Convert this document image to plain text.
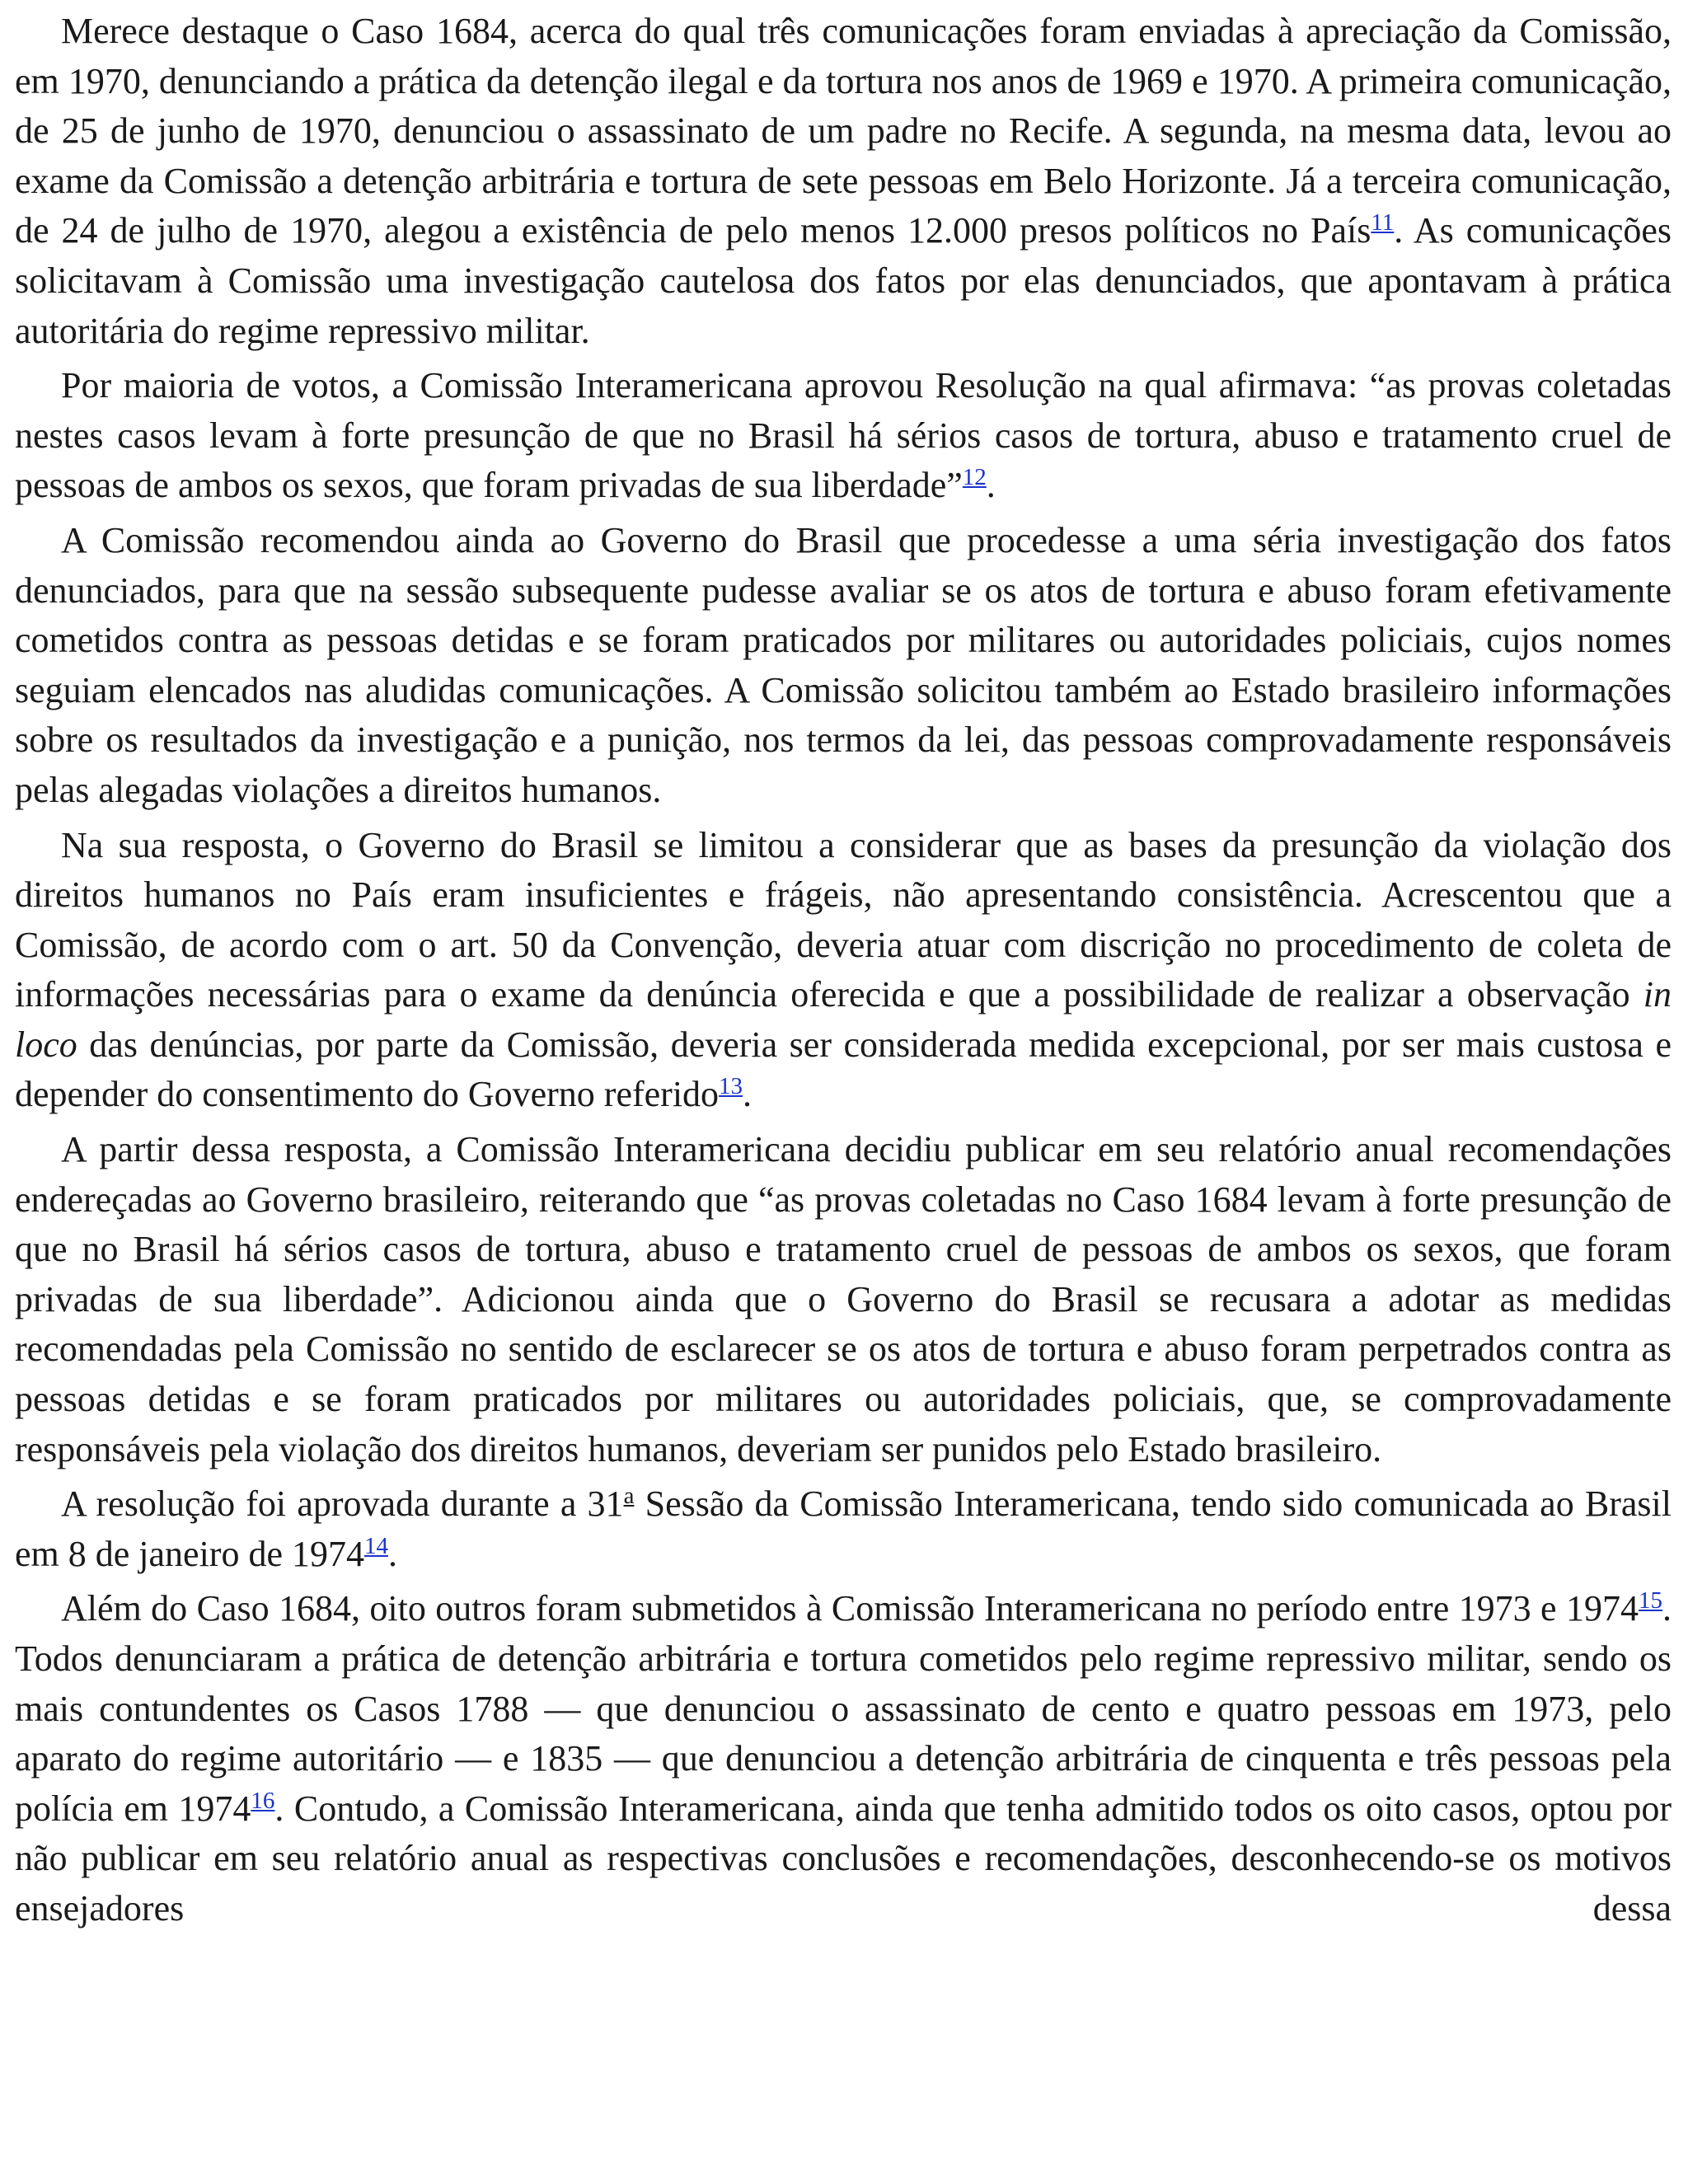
Merece destaque o Caso 1684, acerca do qual três comunicações foram enviadas à apreciação da Comissão, em 1970, denunciando a prática da detenção ilegal e da tortura nos anos de 1969 e 1970. A primeira comunicação, de 25 de junho de 1970, denunciou o assassinato de um padre no Recife. A segunda, na mesma data, levou ao exame da Comissão a detenção arbitrária e tortura de sete pessoas em Belo Horizonte. Já a terceira comunicação, de 24 de julho de 1970, alegou a existência de pelo menos 12.000 presos políticos no País$^{11}$. As comunicações solicitavam à Comissão uma investigação cautelosa dos fatos por elas denunciados, que apontavam à prática autoritária do regime repressivo militar.

Por maioria de votos, a Comissão Interamericana aprovou Resolução na qual afirmava: “as provas coletadas nestes casos levam à forte presunção de que no Brasil há sérios casos de tortura, abuso e tratamento cruel de pessoas de ambos os sexos, que foram privadas de sua liberdade”$^{12}$.

A Comissão recomendou ainda ao Governo do Brasil que procedesse a uma séria investigação dos fatos denunciados, para que na sessão subsequente pudesse avaliar se os atos de tortura e abuso foram efetivamente cometidos contra as pessoas detidas e se foram praticados por militares ou autoridades policiais, cujos nomes seguiam elencados nas aludidas comunicações. A Comissão solicitou também ao Estado brasileiro informações sobre os resultados da investigação e a punição, nos termos da lei, das pessoas comprovadamente responsáveis pelas alegadas violações a direitos humanos.

Na sua resposta, o Governo do Brasil se limitou a considerar que as bases da presunção da violação dos direitos humanos no País eram insuficientes e frágeis, não apresentando consistência. Acrescentou que a Comissão, de acordo com o art. 50 da Convenção, deveria atuar com discrição no procedimento de coleta de informações necessárias para o exame da denúncia oferecida e que a possibilidade de realizar a observação in loco das denúncias, por parte da Comissão, deveria ser considerada medida excepcional, por ser mais custosa e depender do consentimento do Governo referido$^{13}$.

A partir dessa resposta, a Comissão Interamericana decidiu publicar em seu relatório anual recomendações endereçadas ao Governo brasileiro, reiterando que “as provas coletadas no Caso 1684 levam à forte presunção de que no Brasil há sérios casos de tortura, abuso e tratamento cruel de pessoas de ambos os sexos, que foram privadas de sua liberdade”. Adicionou ainda que o Governo do Brasil se recusara a adotar as medidas recomendadas pela Comissão no sentido de esclarecer se os atos de tortura e abuso foram perpetrados contra as pessoas detidas e se foram praticados por militares ou autoridades policiais, que, se comprovadamente responsáveis pela violação dos direitos humanos, deveriam ser punidos pelo Estado brasileiro.

A resolução foi aprovada durante a 31$^a$ Sessão da Comissão Interamericana, tendo sido comunicada ao Brasil em 8 de janeiro de 1974$^{14}$.

Além do Caso 1684, oito outros foram submetidos à Comissão Interamericana no período entre 1973 e 1974$^{15}$. Todos denunciaram a prática de detenção arbitrária e tortura cometidos pelo regime repressivo militar, sendo os mais contundentes os Casos 1788 — que denunciou o assassinato de cento e quatro pessoas em 1973, pelo aparato do regime autoritário — e 1835 — que denunciou a detenção arbitrária de cinquenta e três pessoas pela polícia em 1974$^{16}$. Contudo, a Comissão Interamericana, ainda que tenha admitido todos os oito casos, optou por não publicar em seu relatório anual as respectivas conclusões e recomendações, desconhecendo-se os motivos ensejadores dessa
